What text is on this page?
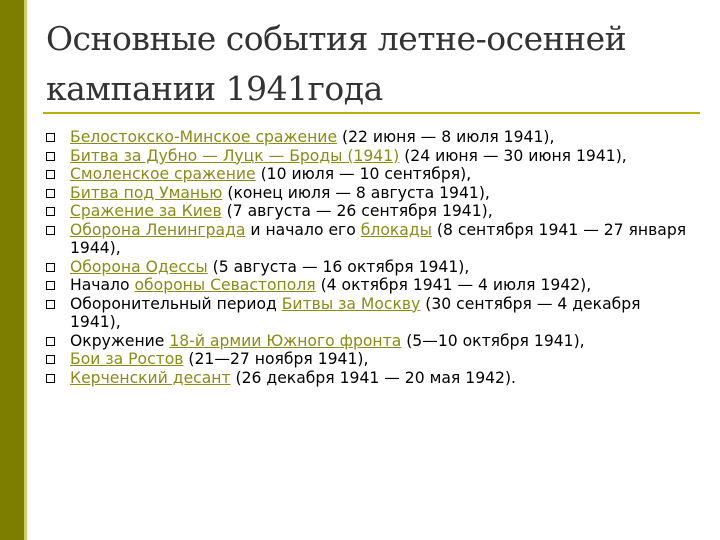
Основные события летне-осенней
кампании 1941года
Белостокско-Минское сражение (22 июня — 8 июля 1941),
Битва за Дубно — Луцк — Броды (1941) (24 июня — 30 июня 1941),
Смоленское сражение (10 июля — 10 сентября),
Битва под Уманью (конец июля — 8 августа 1941),
Сражение за Киев (7 августа — 26 сентября 1941),
Оборона Ленинграда и начало его блокады (8 сентября 1941 — 27 января 1944),
Оборона Одессы (5 августа — 16 октября 1941),
Начало обороны Севастополя (4 октября 1941 — 4 июля 1942),
Оборонительный период Битвы за Москву (30 сентября — 4 декабря 1941),
Окружение 18-й армии Южного фронта (5—10 октября 1941),
Бои за Ростов (21—27 ноября 1941),
Керченский десант (26 декабря 1941 — 20 мая 1942).
